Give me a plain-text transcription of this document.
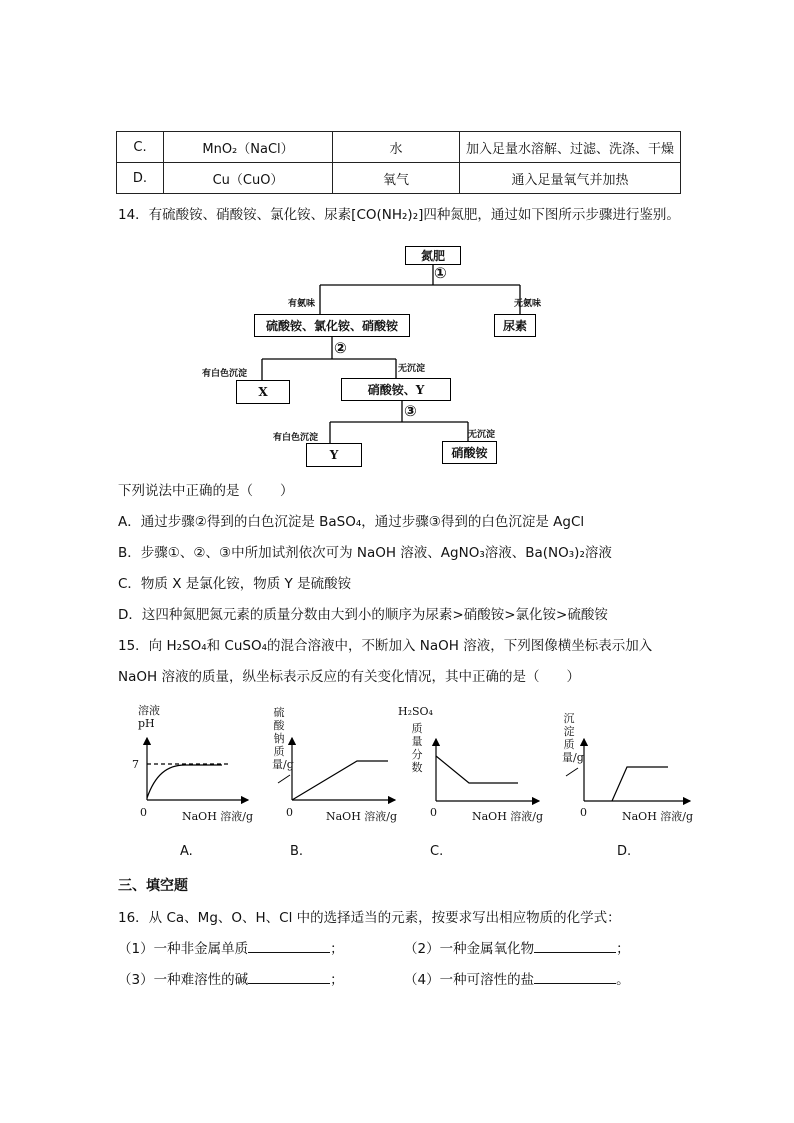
C.	MnO₂（NaCl）	水	加入足量水溶解、过滤、洗涤、干燥
D.	Cu（CuO）	氧气	通入足量氧气并加热
14．有硫酸铵、硝酸铵、氯化铵、尿素[CO(NH₂)₂]四种氮肥，通过如下图所示步骤进行鉴别。
氮肥
①
有氨味	无氨味
硫酸铵、氯化铵、硝酸铵	尿素
②
有白色沉淀	无沉淀
X	硝酸铵、Y
③
有白色沉淀	无沉淀
Y	硝酸铵
下列说法中正确的是（　　）
A．通过步骤②得到的白色沉淀是 BaSO₄，通过步骤③得到的白色沉淀是 AgCl
B．步骤①、②、③中所加试剂依次可为 NaOH 溶液、AgNO₃溶液、Ba(NO₃)₂溶液
C．物质 X 是氯化铵，物质 Y 是硫酸铵
D．这四种氮肥氮元素的质量分数由大到小的顺序为尿素>硝酸铵>氯化铵>硫酸铵
15．向 H₂SO₄和 CuSO₄的混合溶液中，不断加入 NaOH 溶液，下列图像横坐标表示加入
NaOH 溶液的质量，纵坐标表示反应的有关变化情况，其中正确的是（　　）
溶液pH
7
0	NaOH 溶液/g
A.
硫酸钠质量/g
0	NaOH 溶液/g
B.
H₂SO₄
质量分数
0	NaOH 溶液/g
C.
沉淀质量/g
0	NaOH 溶液/g
D.
三、填空题
16．从 Ca、Mg、O、H、Cl 中的选择适当的元素，按要求写出相应物质的化学式：
（1）一种非金属单质	；	（2）一种金属氧化物	；
（3）一种难溶性的碱	；	（4）一种可溶性的盐	。
